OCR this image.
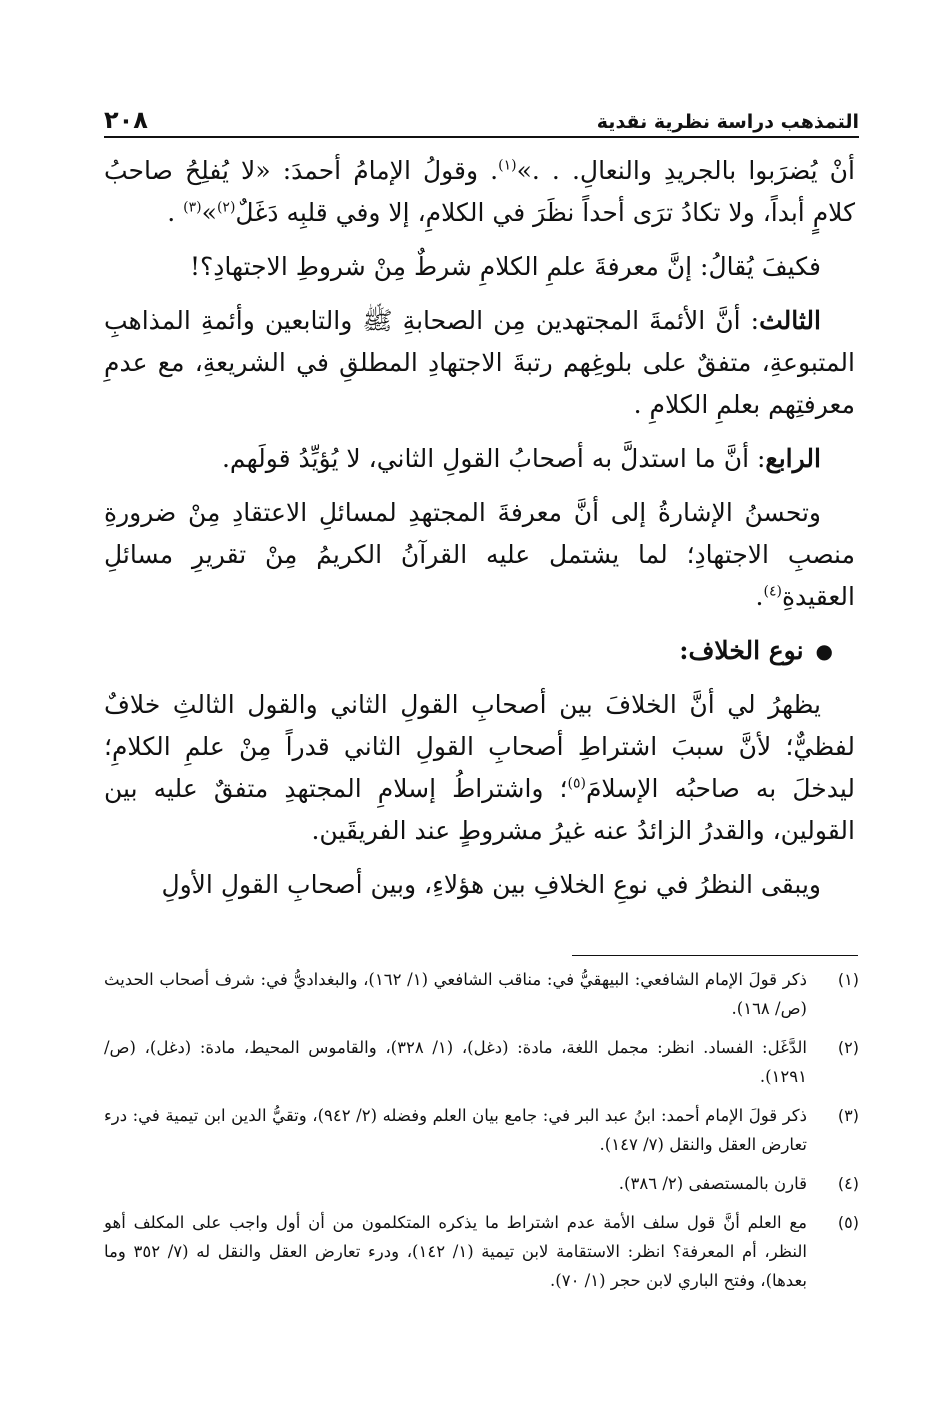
التمذهب دراسة نظرية نقدية
٢٠٨

أنْ يُضرَبوا بالجريدِ والنعالِ. . .»$^{(١)}$. وقولُ الإمامُ أحمدَ: «لا يُفلِحُ صاحبُ كلامٍ أبداً، ولا تكادُ ترَى أحداً نظَرَ في الكلامِ، إلا وفي قلبِه دَغَلٌ$^{(٢)}$»$^{(٣)}$ .

فكيفَ يُقالُ: إنَّ معرفةَ علمِ الكلامِ شرطٌ مِنْ شروطِ الاجتهادِ؟!

الثالث: أنَّ الأئمةَ المجتهدين مِن الصحابةِ ﷺ والتابعين وأئمةِ المذاهبِ المتبوعةِ، متفقٌ على بلوغِهم رتبةَ الاجتهادِ المطلقِ في الشريعةِ، مع عدمِ معرفتِهم بعلمِ الكلامِ .

الرابع: أنَّ ما استدلَّ به أصحابُ القولِ الثاني، لا يُؤيِّدُ قولَهم.

وتحسنُ الإشارةُ إلى أنَّ معرفةَ المجتهدِ لمسائلِ الاعتقادِ مِنْ ضرورةِ منصبِ الاجتهادِ؛ لما يشتمل عليه القرآنُ الكريمُ مِنْ تقريرِ مسائلِ العقيدةِ$^{(٤)}$.

●
نوع الخلاف:

يظهرُ لي أنَّ الخلافَ بين أصحابِ القولِ الثاني والقول الثالثِ خلافٌ لفظيٌّ؛ لأنَّ سببَ اشتراطِ أصحابِ القولِ الثاني قدراً مِنْ علمِ الكلامِ؛ ليدخلَ به صاحبُه الإسلامَ$^{(٥)}$؛ واشتراطُ إسلامِ المجتهدِ متفقٌ عليه بين القولين، والقدرُ الزائدُ عنه غيرُ مشروطٍ عند الفريقَين.

ويبقى النظرُ في نوعِ الخلافِ بين هؤلاءِ، وبين أصحابِ القولِ الأولِ

(١)
ذكر قولَ الإمام الشافعي: البيهقيُّ في: مناقب الشافعي (١/ ١٦٢)، والبغداديُّ في: شرف أصحاب الحديث (ص/ ١٦٨).
(٢)
الدَّغَل: الفساد. انظر: مجمل اللغة، مادة: (دغل)، (١/ ٣٢٨)، والقاموس المحيط، مادة: (دغل)، (ص/ ١٢٩١).
(٣)
ذكر قولَ الإمام أحمد: ابنُ عبد البر في: جامع بيان العلم وفضله (٢/ ٩٤٢)، وتقيُّ الدين ابن تيمية في: درء تعارض العقل والنقل (٧/ ١٤٧).
(٤)
قارن بالمستصفى (٢/ ٣٨٦).
(٥)
مع العلم أنَّ قول سلف الأمة عدم اشتراط ما يذكره المتكلمون من أن أول واجب على المكلف أهو النظر، أم المعرفة؟ انظر: الاستقامة لابن تيمية (١/ ١٤٢)، ودرء تعارض العقل والنقل له (٧/ ٣٥٢ وما بعدها)، وفتح الباري لابن حجر (١/ ٧٠).
